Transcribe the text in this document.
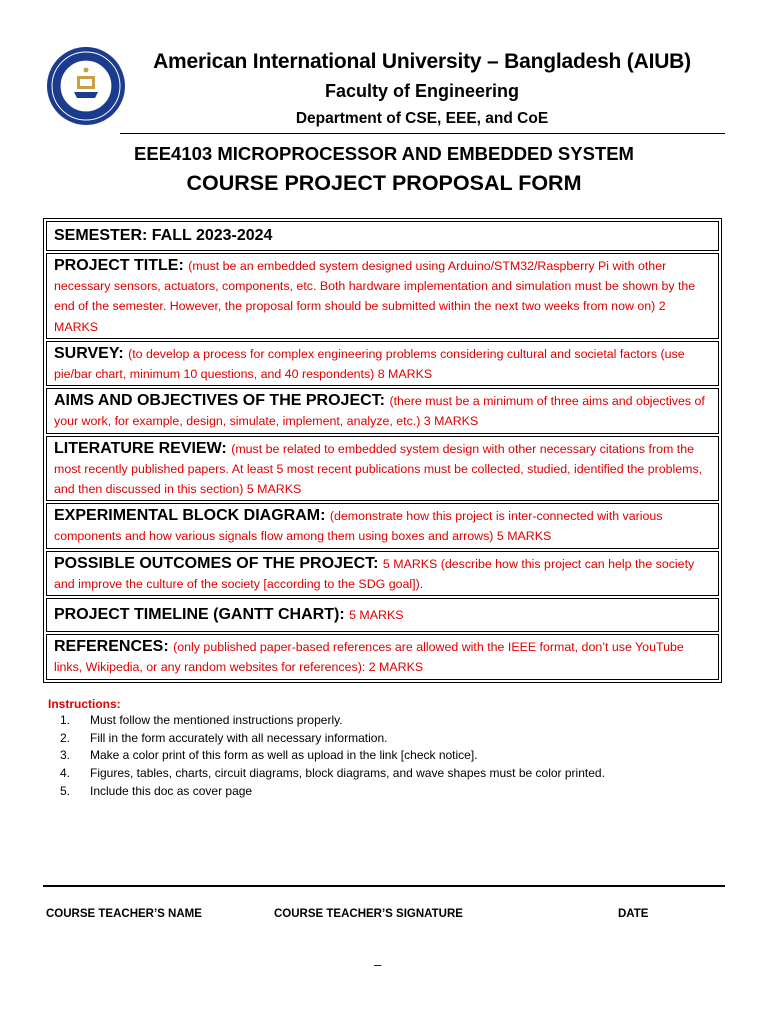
American International University – Bangladesh (AIUB)
Faculty of Engineering
Department of CSE, EEE, and CoE
EEE4103 MICROPROCESSOR AND EMBEDDED SYSTEM
COURSE PROJECT PROPOSAL FORM
SEMESTER: FALL 2023-2024
PROJECT TITLE: (must be an embedded system designed using Arduino/STM32/Raspberry Pi with other necessary sensors, actuators, components, etc. Both hardware implementation and simulation must be shown by the end of the semester. However, the proposal form should be submitted within the next two weeks from now on) 2 MARKS
SURVEY: (to develop a process for complex engineering problems considering cultural and societal factors (use pie/bar chart, minimum 10 questions, and 40 respondents) 8 MARKS
AIMS AND OBJECTIVES OF THE PROJECT: (there must be a minimum of three aims and objectives of your work, for example, design, simulate, implement, analyze, etc.) 3 MARKS
LITERATURE REVIEW: (must be related to embedded system design with other necessary citations from the most recently published papers. At least 5 most recent publications must be collected, studied, identified the problems, and then discussed in this section) 5 MARKS
EXPERIMENTAL BLOCK DIAGRAM: (demonstrate how this project is inter-connected with various components and how various signals flow among them using boxes and arrows) 5 MARKS
POSSIBLE OUTCOMES OF THE PROJECT: 5 MARKS (describe how this project can help the society and improve the culture of the society [according to the SDG goal]).
PROJECT TIMELINE (GANTT CHART): 5 MARKS
REFERENCES: (only published paper-based references are allowed with the IEEE format, don’t use YouTube links, Wikipedia, or any random websites for references): 2 MARKS
Instructions:
1.	Must follow the mentioned instructions properly.
2.	Fill in the form accurately with all necessary information.
3.	Make a color print of this form as well as upload in the link [check notice].
4.	Figures, tables, charts, circuit diagrams, block diagrams, and wave shapes must be color printed.
5.	Include this doc as cover page
COURSE TEACHER’S NAME	COURSE TEACHER’S SIGNATURE	DATE
–
